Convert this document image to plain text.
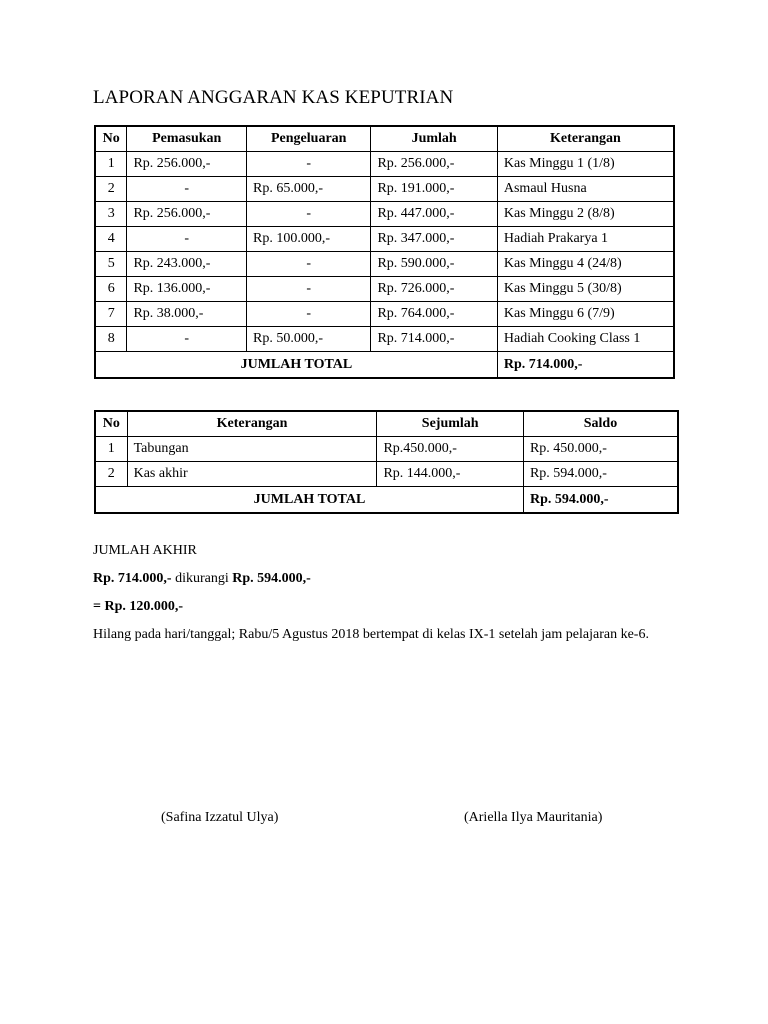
LAPORAN ANGGARAN KAS KEPUTRIAN
No	Pemasukan	Pengeluaran	Jumlah	Keterangan
1	Rp. 256.000,-	-	Rp. 256.000,-	Kas Minggu 1 (1/8)
2	-	Rp. 65.000,-	Rp. 191.000,-	Asmaul Husna
3	Rp. 256.000,-	-	Rp. 447.000,-	Kas Minggu 2 (8/8)
4	-	Rp. 100.000,-	Rp. 347.000,-	Hadiah Prakarya 1
5	Rp. 243.000,-	-	Rp. 590.000,-	Kas Minggu 4 (24/8)
6	Rp. 136.000,-	-	Rp. 726.000,-	Kas Minggu 5 (30/8)
7	Rp. 38.000,-	-	Rp. 764.000,-	Kas Minggu 6 (7/9)
8	-	Rp. 50.000,-	Rp. 714.000,-	Hadiah Cooking Class 1
JUMLAH TOTAL				Rp. 714.000,-
No	Keterangan	Sejumlah	Saldo
1	Tabungan	Rp.450.000,-	Rp. 450.000,-
2	Kas akhir	Rp. 144.000,-	Rp. 594.000,-
JUMLAH TOTAL			Rp. 594.000,-
JUMLAH AKHIR
Rp. 714.000,- dikurangi Rp. 594.000,-
= Rp. 120.000,-
Hilang pada hari/tanggal; Rabu/5 Agustus 2018 bertempat di kelas IX-1 setelah jam pelajaran ke-6.
(Safina Izzatul Ulya)	(Ariella Ilya Mauritania)
